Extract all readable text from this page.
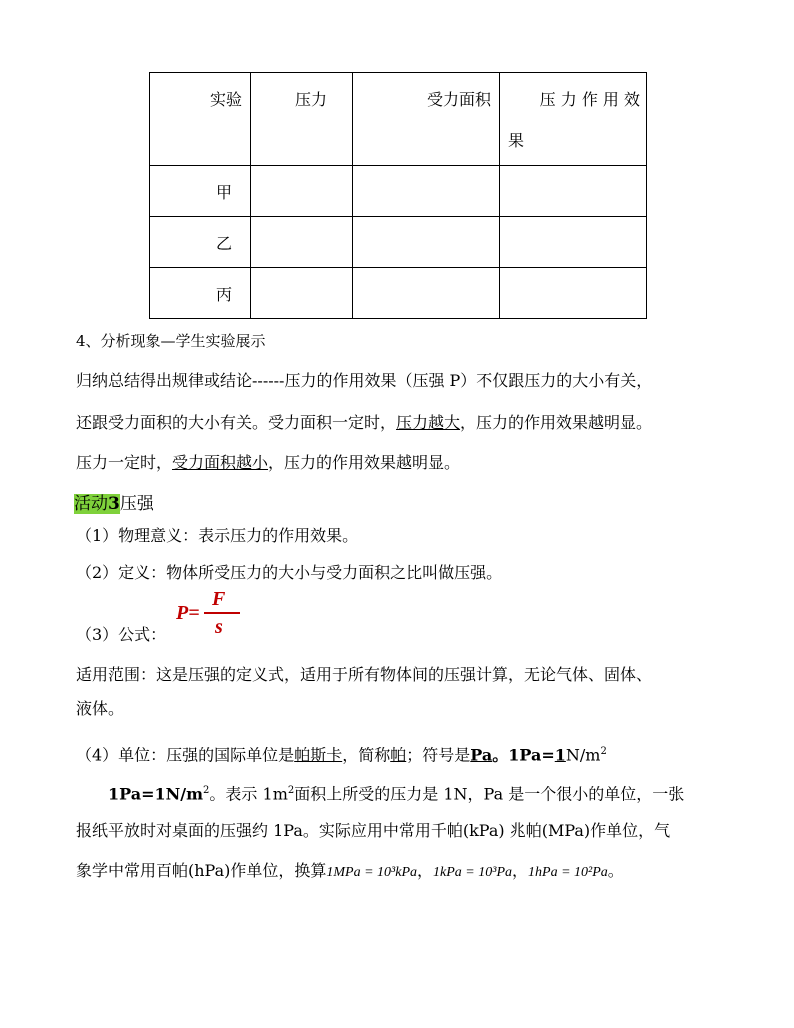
实验	压力	受力面积	压 力 作 用 效
果

甲			

乙			

丙			

4、分析现象—学生实验展示
归纳总结得出规律或结论------压力的作用效果（压强 P）不仅跟压力的大小有关，
还跟受力面积的大小有关。受力面积一定时，压力越大，压力的作用效果越明显。
压力一定时，受力面积越小，压力的作用效果越明显。
活动3压强
（1）物理意义：表示压力的作用效果。
（2）定义：物体所受压力的大小与受力面积之比叫做压强。
（3）公式：
P=
F
s
适用范围：这是压强的定义式，适用于所有物体间的压强计算，无论气体、固体、
液体。
（4）单位：压强的国际单位是帕斯卡，简称帕；符号是Pa。$1Pa=1N/m^2$
$1Pa=1N/m^2$。表示 $1m^2$面积上所受的压力是 1N，Pa 是一个很小的单位，一张
报纸平放时对桌面的压强约 1Pa。实际应用中常用千帕(kPa) 兆帕(MPa)作单位，气
象学中常用百帕(hPa)作单位，换算1MPa = 10³kPa，1kPa = 10³Pa，1hPa = 10²Pa。
